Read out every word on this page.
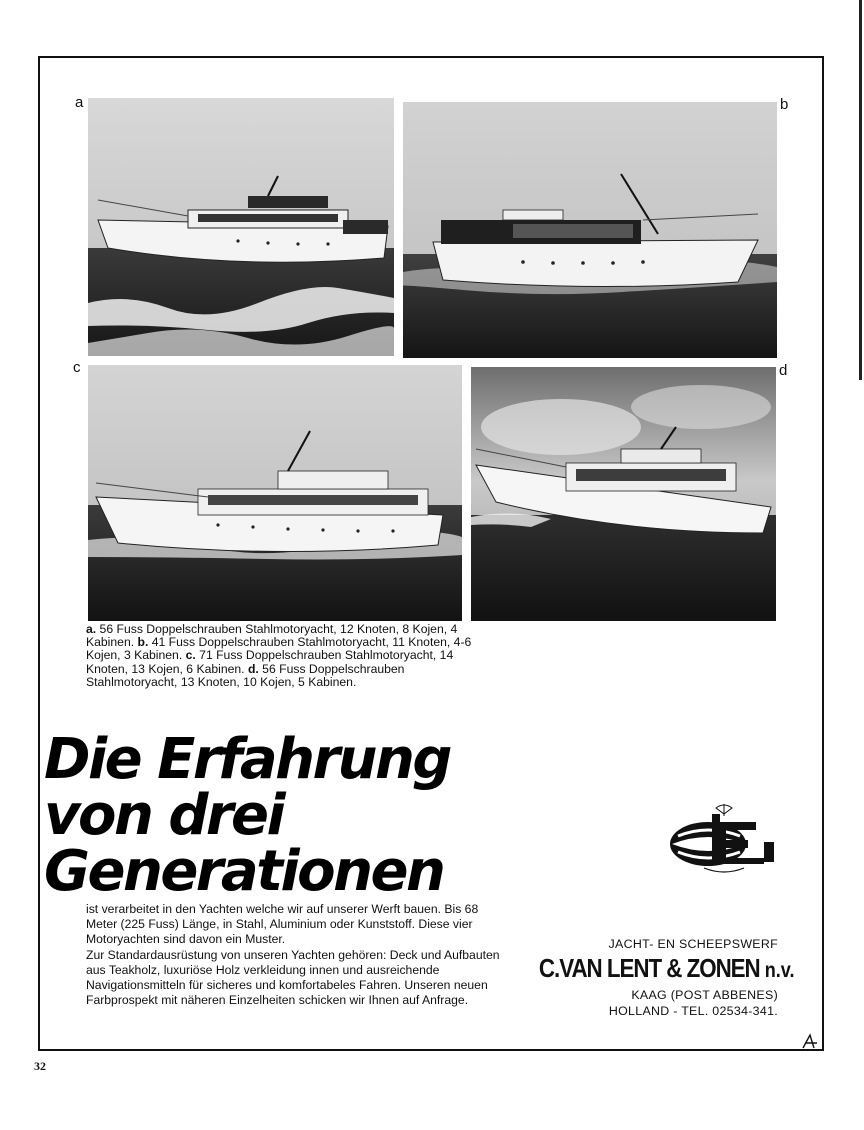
a	b
c	d

a. 56 Fuss Doppelschrauben Stahlmotoryacht, 12 Knoten, 8 Kojen, 4 Kabinen. b. 41 Fuss Doppelschrauben Stahlmotoryacht, 11 Knoten, 4-6 Kojen, 3 Kabinen. c. 71 Fuss Doppelschrauben Stahlmotoryacht, 14 Knoten, 13 Kojen, 6 Kabinen. d. 56 Fuss Doppelschrauben Stahlmotoryacht, 13 Knoten, 10 Kojen, 5 Kabinen.

Die Erfahrung
von drei
Generationen

ist verarbeitet in den Yachten welche wir auf unserer Werft bauen. Bis 68 Meter (225 Fuss) Länge, in Stahl, Aluminium oder Kunststoff. Diese vier Motoryachten sind davon ein Muster.

Zur Standardausrüstung von unseren Yachten gehören: Deck und Aufbauten aus Teakholz, luxuriöse Holz verkleidung innen und ausreichende Navigationsmitteln für sicheres und komfortabeles Fahren. Unseren neuen Farbprospekt mit näheren Einzelheiten schicken wir Ihnen auf Anfrage.

JACHT- EN SCHEEPSWERF
C.VAN LENT & ZONEN n.v.
KAAG (POST ABBENES)
HOLLAND - TEL. 02534-341.
32
